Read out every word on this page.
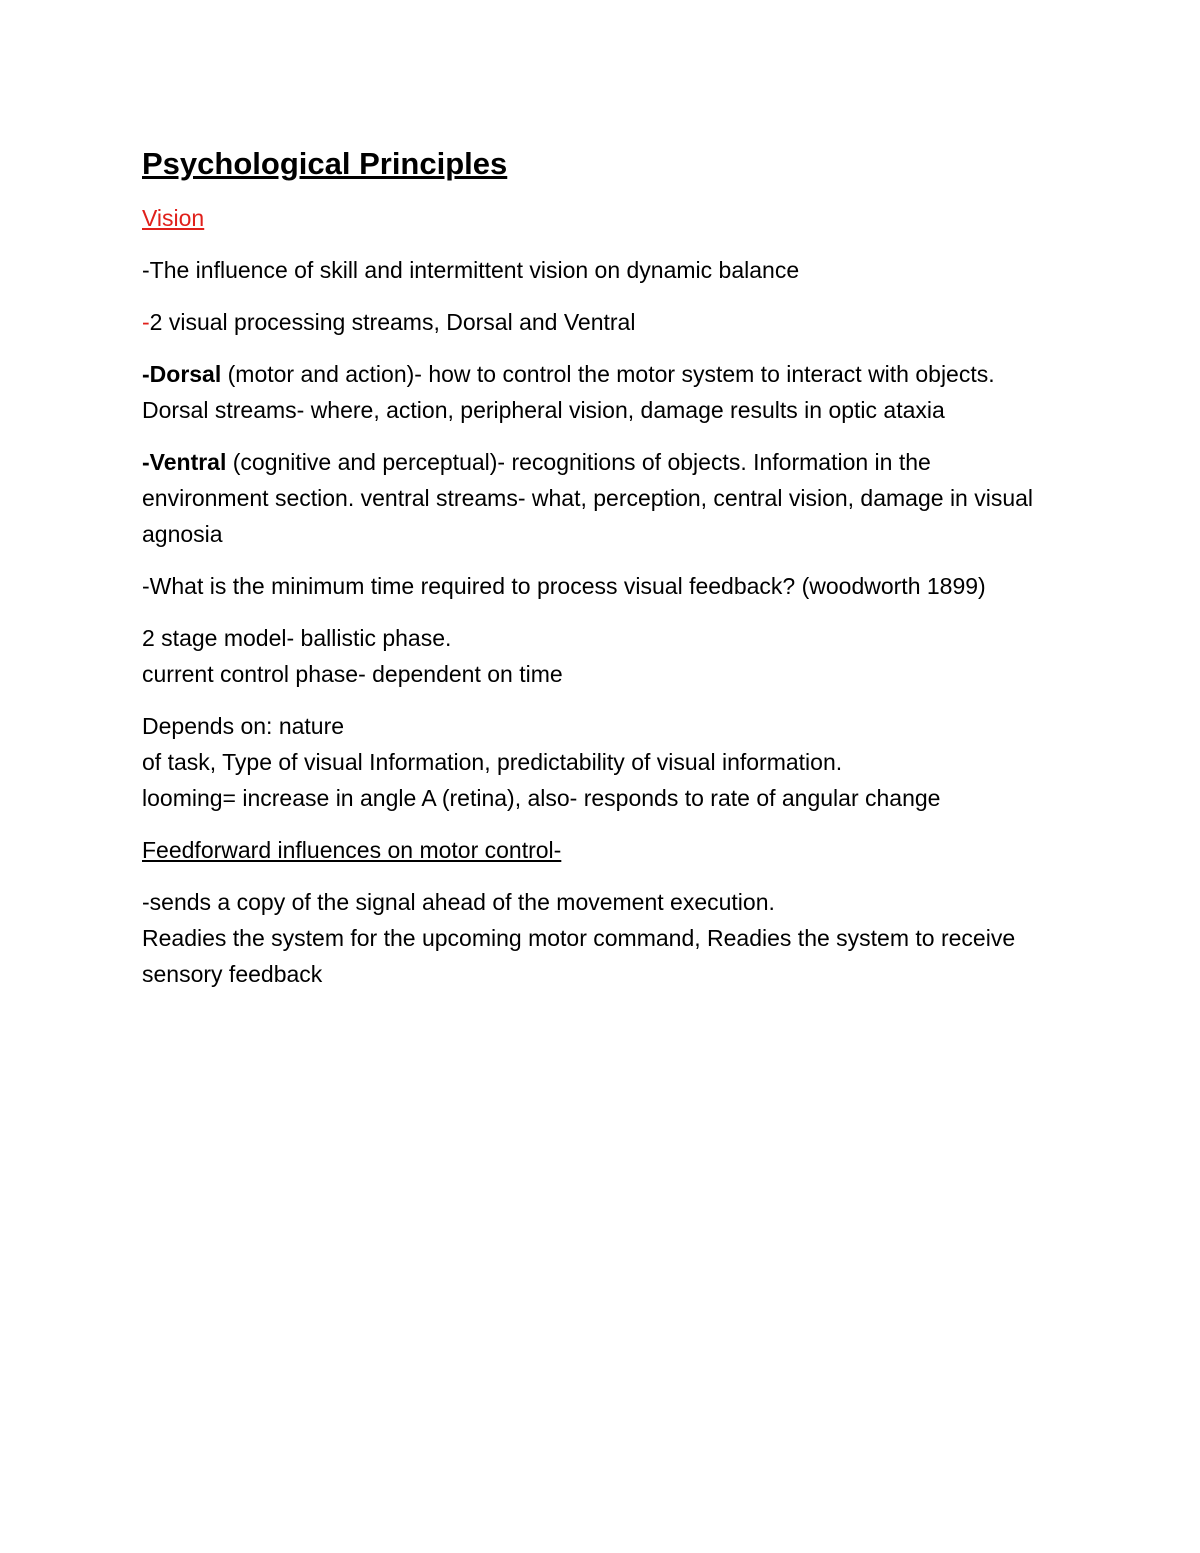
Psychological Principles
Vision
-The influence of skill and intermittent vision on dynamic balance
-2 visual processing streams, Dorsal and Ventral
-Dorsal (motor and action)- how to control the motor system to interact with objects. Dorsal streams- where, action, peripheral vision, damage results in optic ataxia
-Ventral (cognitive and perceptual)- recognitions of objects. Information in the environment section. ventral streams- what, perception, central vision, damage in visual agnosia
-What is the minimum time required to process visual feedback? (woodworth 1899)
2 stage model- ballistic phase.
current control phase- dependent on time
Depends on: nature
of task, Type of visual Information, predictability of visual information.
looming= increase in angle A (retina), also- responds to rate of angular change
Feedforward influences on motor control-
-sends a copy of the signal ahead of the movement execution.
Readies the system for the upcoming motor command, Readies the system to receive sensory feedback
